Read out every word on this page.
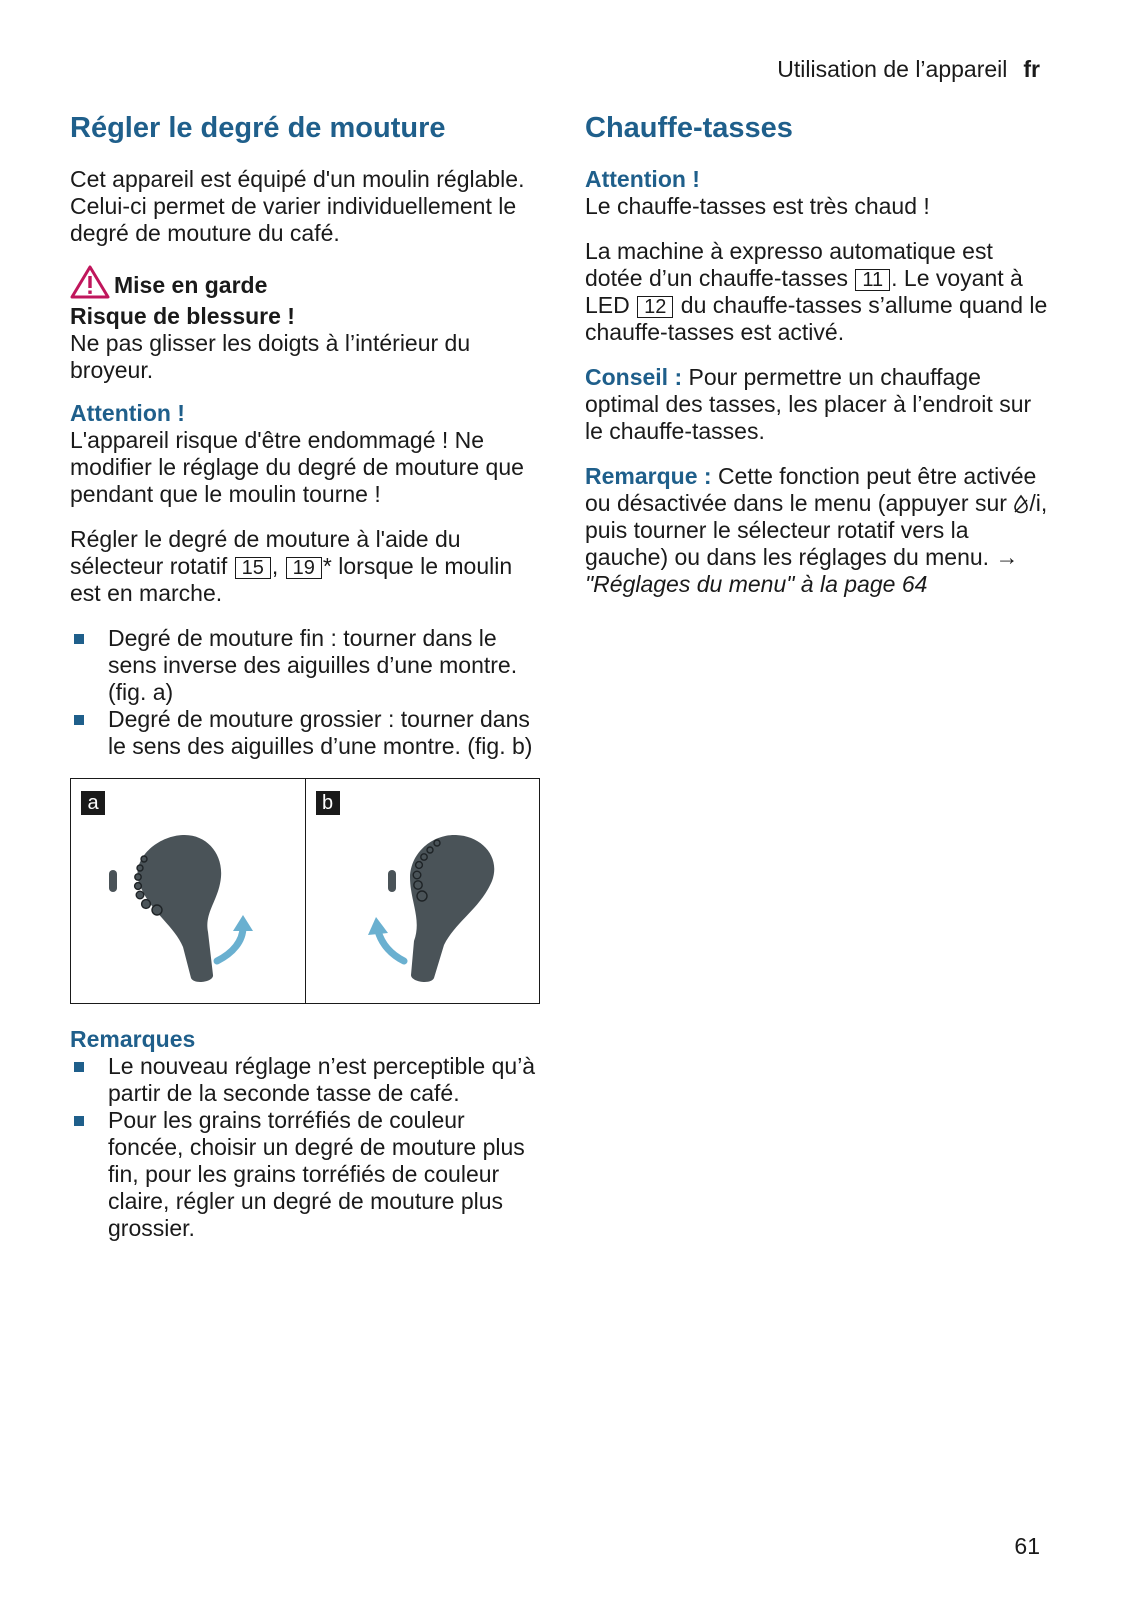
Utilisation de l’appareil fr
Régler le degré de mouture

Cet appareil est équipé d'un moulin réglable. Celui-ci permet de varier individuellement le degré de mouture du café.

Mise en garde
Risque de blessure !

Ne pas glisser les doigts à l’intérieur du broyeur.

Attention !

L'appareil risque d'être endommagé ! Ne modifier le réglage du degré de mouture que pendant que le moulin tourne !

Régler le degré de mouture à l'aide du sélecteur rotatif 15 , 19 * lorsque le moulin est en marche.

Degré de mouture fin : tourner dans le sens inverse des aiguilles d’une montre. (fig. a)
Degré de mouture grossier : tourner dans le sens des aiguilles d’une montre. (fig. b)
a	b
Remarques
Le nouveau réglage n’est perceptible qu’à partir de la seconde tasse de café.
Pour les grains torréfiés de couleur foncée, choisir un degré de mouture plus fin, pour les grains torréfiés de couleur claire, régler un degré de mouture plus grossier.
Chauffe-tasses
Attention !

Le chauffe-tasses est très chaud !

La machine à expresso automatique est dotée d’un chauffe-tasses 11 . Le voyant à LED 12 du chauffe-tasses s’allume quand le chauffe-tasses est activé.

Conseil : Pour permettre un chauffage optimal des tasses, les placer à l’endroit sur le chauffe-tasses.

Remarque : Cette fonction peut être activée ou désactivée dans le menu (appuyer sur /i, puis tourner le sélecteur rotatif vers la gauche) ou dans les réglages du menu. → "Réglages du menu" à la page 64

61
